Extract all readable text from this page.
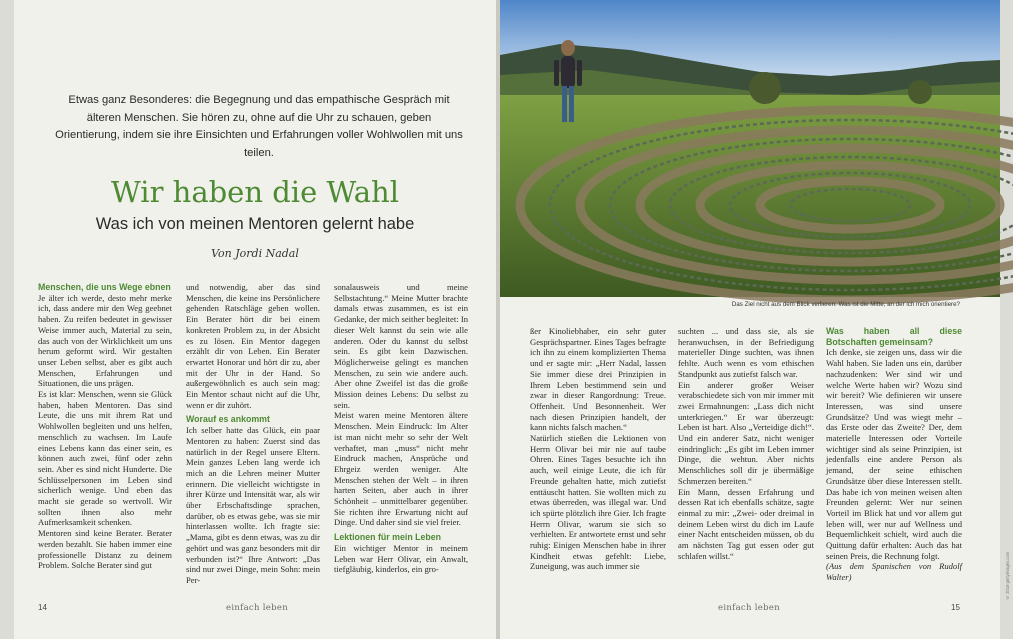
Etwas ganz Besonderes: die Begegnung und das empathische Gespräch mit älteren Menschen. Sie hören zu, ohne auf die Uhr zu schauen, geben Orientierung, indem sie ihre Einsichten und Erfahrungen voller Wohlwollen mit uns teilen.
Wir haben die Wahl
Was ich von meinen Mentoren gelernt habe
Von Jordi Nadal

Menschen, die uns Wege ebnen

Je älter ich werde, desto mehr merke ich, dass andere mir den Weg geebnet haben. Zu reifen bedeutet in gewisser Weise immer auch, Material zu sein, das auch von der Wirklichkeit um uns herum geformt wird. Wir gestalten unser Leben selbst, aber es gibt auch Menschen, Erfahrungen und Situationen, die uns prägen.

Es ist klar: Menschen, wenn sie Glück haben, haben Mentoren. Das sind Leute, die uns mit ihrem Rat und Wohlwollen begleiten und uns helfen, menschlich zu wachsen. Im Laufe eines Lebens kann das einer sein, es können auch zwei, fünf oder zehn sein. Aber es sind nicht Hunderte. Die Schlüsselpersonen im Leben sind sicherlich wenige. Und eben das macht sie gerade so wertvoll. Wir sollten ihnen also mehr Aufmerksamkeit schenken.

Mentoren sind keine Berater. Berater werden bezahlt. Sie haben immer eine professionelle Distanz zu deinem Problem. Solche Berater sind gut

und notwendig, aber das sind Menschen, die keine ins Persönlichere gehenden Ratschläge geben wollen. Ein Berater hört dir bei einem konkreten Problem zu, in der Absicht es zu lösen. Ein Mentor dagegen erzählt dir von Leben. Ein Berater erwartet Honorar und hört dir zu, aber mit der Uhr in der Hand. So außergewöhnlich es auch sein mag: Ein Mentor schaut nicht auf die Uhr, wenn er dir zuhört.

Worauf es ankommt

Ich selber hatte das Glück, ein paar Mentoren zu haben: Zuerst sind das natürlich in der Regel unsere Eltern. Mein ganzes Leben lang werde ich mich an die Lehren meiner Mutter erinnern. Die vielleicht wichtigste in ihrer Kürze und Intensität war, als wir über Erbschaftsdinge sprachen, darüber, ob es etwas gebe, was sie mir hinterlassen wollte. Ich fragte sie: „Mama, gibt es denn etwas, was zu dir gehört und was ganz besonders mit dir verbunden ist?“ Ihre Antwort: „Das sind nur zwei Dinge, mein Sohn: mein Per-

sonalausweis und meine Selbstachtung.“ Meine Mutter brachte damals etwas zusammen, es ist ein Gedanke, der mich seither begleitet: In dieser Welt kannst du sein wie alle anderen. Oder du kannst du selbst sein. Es gibt kein Dazwischen. Möglicherweise gelingt es manchen Menschen, zu sein wie andere auch. Aber ohne Zweifel ist das die große Mission deines Lebens: Du selbst zu sein.

Meist waren meine Mentoren ältere Menschen. Mein Eindruck: Im Alter ist man nicht mehr so sehr der Welt verhaftet, man „muss“ nicht mehr Eindruck machen, Ansprüche und Ehrgeiz werden weniger. Alte Menschen stehen der Welt – in ihren harten Seiten, aber auch in ihrer Schönheit – unmittelbarer gegenüber. Sie richten ihre Erwartung nicht auf Dinge. Und daher sind sie viel freier.

Lektionen für mein Leben

Ein wichtiger Mentor in meinem Leben war Herr Olivar, ein Anwalt, tiefgläubig, kinderlos, ein gro-

14	einfach leben
Das Ziel nicht aus dem Blick verlieren: Was ist die Mitte, an der ich mich orientiere?

ßer Kinoliebhaber, ein sehr guter Gesprächspartner. Eines Tages befragte ich ihn zu einem komplizierten Thema und er sagte mir: „Herr Nadal, lassen Sie immer diese drei Prinzipien in Ihrem Leben bestimmend sein und zwar in dieser Rangordnung: Treue. Offenheit. Und Besonnenheit. Wer nach diesen Prinzipien handelt, der kann nichts falsch machen.“

Natürlich stießen die Lektionen von Herrn Olivar bei mir nie auf taube Ohren. Eines Tages besuchte ich ihn auch, weil einige Leute, die ich für Freunde gehalten hatte, mich zutiefst enttäuscht hatten. Sie wollten mich zu etwas überreden, was illegal war. Und ich spürte plötzlich ihre Gier. Ich fragte Herrn Olivar, warum sie sich so verhielten. Er antwortete ernst und sehr ruhig: Einigen Menschen habe in ihrer Kindheit etwas gefehlt: Liebe, Zuneigung, was auch immer sie	© 2019 gettyimages.com

suchten ... und dass sie, als sie heranwuchsen, in der Befriedigung materieller Dinge suchten, was ihnen fehlte. Auch wenn es vom ethischen Standpunkt aus zutiefst falsch war.

Ein anderer großer Weiser verabschiedete sich von mir immer mit zwei Ermahnungen: „Lass dich nicht unterkriegen.“ Er war überzeugt: Leben ist hart. Also „Verteidige dich!“. Und ein anderer Satz, nicht weniger eindringlich: „Es gibt im Leben immer Dinge, die wehtun. Aber nichts Menschliches soll dir je übermäßige Schmerzen bereiten.“

Ein Mann, dessen Erfahrung und dessen Rat ich ebenfalls schätze, sagte einmal zu mir: „Zwei- oder dreimal in deinem Leben wirst du dich im Laufe einer Nacht entscheiden müssen, ob du am nächsten Tag gut essen oder gut schlafen willst.“

Was haben all diese Botschaften gemeinsam?

Ich denke, sie zeigen uns, dass wir die Wahl haben. Sie laden uns ein, darüber nachzudenken: Wer sind wir und welche Werte haben wir? Wozu sind wir bereit? Wie definieren wir unsere Interessen, was sind unsere Grundsätze? Und was wiegt mehr – das Erste oder das Zweite? Der, dem materielle Interessen oder Vorteile wichtiger sind als seine Prinzipien, ist jedenfalls eine andere Person als jemand, der seine ethischen Grundsätze über diese Interessen stellt. Das habe ich von meinen weisen alten Freunden gelernt: Wer nur seinen Vorteil im Blick hat und vor allem gut leben will, wer nur auf Wellness und Bequemlichkeit schielt, wird auch die Quittung dafür erhalten: Auch das hat seinen Preis, die Rechnung folgt.

(Aus dem Spanischen von Rudolf Walter)

einfach leben	15
